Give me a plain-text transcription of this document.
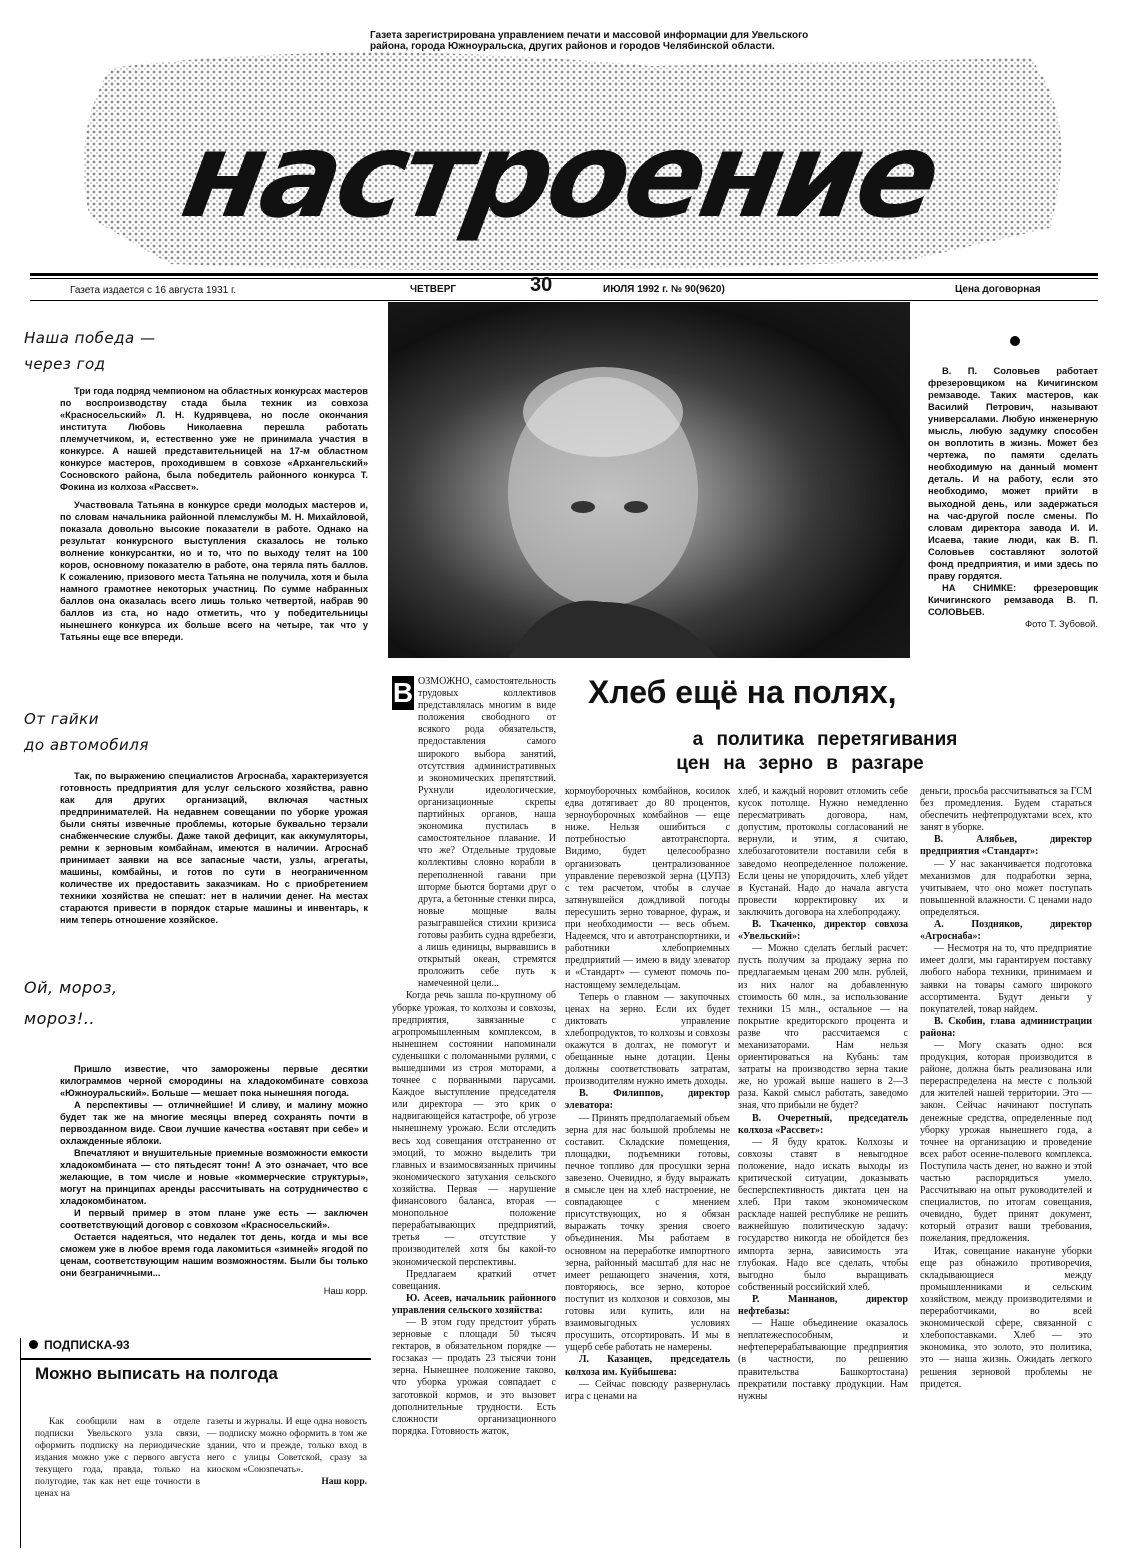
Газета зарегистрирована управлением печати и массовой информации для Увельского района, города Южноуральска, других районов и городов Челябинской области.
настроение
Газета издается с 16 августа 1931 г.	ЧЕТВЕРГ	30	ИЮЛЯ 1992 г. № 90(9620)	Цена договорная
Наша победа —
через год

Три года подряд чемпионом на областных конкурсах мастеров по воспроизводству стада была техник из совхоза «Красносельский» Л. Н. Кудрявцева, но после окончания института Любовь Николаевна перешла работать племучетчиком, и, естественно уже не принимала участия в конкурсе. А нашей представительницей на 17-м областном конкурсе мастеров, проходившем в совхозе «Архангельский» Сосновского района, была победитель районного конкурса Т. Фокина из колхоза «Рассвет».

Участвовала Татьяна в конкурсе среди молодых мастеров и, по словам начальника районной племслужбы М. Н. Михайловой, показала довольно высокие показатели в работе. Однако на результат конкурсного выступления сказалось не только волнение конкурсантки, но и то, что по выходу телят на 100 коров, основному показателю в работе, она теряла пять баллов. К сожалению, призового места Татьяна не получила, хотя и была намного грамотнее некоторых участниц. По сумме набранных баллов она оказалась всего лишь только четвертой, набрав 90 баллов из ста, но надо отметить, что у победительницы нынешнего конкурса их больше всего на четыре, так что у Татьяны еще все впереди.

От гайки
до автомобиля

Так, по выражению специалистов Агроснаба, характеризуется готовность предприятия для услуг сельского хозяйства, равно как для других организаций, включая частных предпринимателей. На недавнем совещании по уборке урожая были сняты извечные проблемы, которые буквально терзали снабженческие службы. Даже такой дефицит, как аккумуляторы, ремни к зерновым комбайнам, имеются в наличии. Агроснаб принимает заявки на все запасные части, узлы, агрегаты, машины, комбайны, и готов по сути в неограниченном количестве их предоставить заказчикам. Но с приобретением техники хозяйства не спешат: нет в наличии денег. На местах стараются привести в порядок старые машины и инвентарь, к ним теперь отношение хозяйское.

Ой, мороз,
мороз!..

Пришло известие, что заморожены первые десятки килограммов черной смородины на хладокомбинате совхоза «Южноуральский». Больше — мешает пока нынешняя погода.

А перспективы — отличнейшие! И сливу, и малину можно будет так же на многие месяцы вперед сохранять почти в первозданном виде. Свои лучшие качества «оставят при себе» и охлажденные яблоки.

Впечатляют и внушительные приемные возможности емкости хладокомбината — сто пятьдесят тонн! А это означает, что все желающие, в том числе и новые «коммерческие структуры», могут на принципах аренды рассчитывать на сотрудничество с хладокомбинатом.

И первый пример в этом плане уже есть — заключен соответствующий договор с совхозом «Красносельский».

Остается надеяться, что недалек тот день, когда и мы все сможем уже в любое время года лакомиться «зимней» ягодой по ценам, соответствующим нашим возможностям. Были бы только они безграничными...

Наш корр.
ПОДПИСКА-93
Можно выписать на полгода

Как сообщили нам в отделе подписки Увельского узла связи, оформить подписку на периодические издания можно уже с первого августа текущего года, правда, только на полугодие, так как нет еще точности в ценах на

газеты и журналы. И еще одна новость — подписку можно оформить в том же здании, что и прежде, только вход в него с улицы Советской, сразу за киоском «Союзпечать».

Наш корр.

В. П. Соловьев работает фрезеровщиком на Кичигинском ремзаводе. Таких мастеров, как Василий Петрович, называют универсалами. Любую инженерную мысль, любую задумку способен он воплотить в жизнь. Может без чертежа, по памяти сделать необходимую на данный момент деталь. И на работу, если это необходимо, может прийти в выходной день, или задержаться на час-другой после смены. По словам директора завода И. И. Исаева, такие люди, как В. П. Соловьев составляют золотой фонд предприятия, и ими здесь по праву гордятся.

НА СНИМКЕ: фрезеровщик Кичигинского ремзавода В. П. СОЛОВЬЕВ.

Фото Т. Зубовой.
Хлеб ещё на полях,
а политика перетягивания
цен на зерно в разгаре
В ОЗМОЖНО, самостоятельность трудовых коллективов представлялась многим в виде положения свободного от всякого рода обязательств, предоставления самого широкого выбора занятий, отсутствия административных и экономических препятствий. Рухнули идеологические, организационные скрепы партийных органов, наша экономика пустилась в самостоятельное плавание. И что же? Отдельные трудовые коллективы словно корабли в переполненной гавани при шторме бьются бортами друг о друга, а бетонные стенки пирса, новые мощные валы разыгравшейся стихии кризиса готовы разбить судна вдребезги, а лишь единицы, вырвавшись в открытый океан, стремятся проложить себе путь к намеченной цели...

Когда речь зашла по-крупному об уборке урожая, то колхозы и совхозы, предприятия, завязанные с агропромышленным комплексом, в нынешнем состоянии напоминали суденышки с поломанными рулями, с вышедшими из строя моторами, а точнее с порванными парусами. Каждое выступление председателя или директора — это крик о надвигающейся катастрофе, об угрозе нынешнему урожаю. Если отследить весь ход совещания отстраненно от эмоций, то можно выделить три главных и взаимосвязанных причины экономического затухания сельского хозяйства. Первая — нарушение финансового баланса, вторая — монопольное положение перерабатывающих предприятий, третья — отсутствие у производителей хотя бы какой-то экономической перспективы.

Предлагаем краткий отчет совещания.

Ю. Асеев, начальник районного управления сельского хозяйства:

— В этом году предстоит убрать зерновые с площади 50 тысяч гектаров, в обязательном порядке — госзаказ — продать 23 тысячи тонн зерна. Нынешнее положение таково, что уборка урожая совпадает с заготовкой кормов, и это вызовет дополнительные трудности. Есть сложности организационного порядка. Готовность жаток,

кормоуборочных комбайнов, косилок едва дотягивает до 80 процентов, зерноуборочных комбайнов — еще ниже. Нельзя ошибиться с потребностью автотранспорта. Видимо, будет целесообразно организовать централизованное управление перевозкой зерна (ЦУПЗ) с тем расчетом, чтобы в случае затянувшейся дождливой погоды пересушить зерно товарное, фураж, и при необходимости — весь объем. Надеемся, что и автотранспортники, и работники хлебоприемных предприятий — имею в виду элеватор и «Стандарт» — сумеют помочь по-настоящему земледельцам.

Теперь о главном — закупочных ценах на зерно. Если их будет диктовать управление хлебопродуктов, то колхозы и совхозы окажутся в долгах, не помогут и обещанные ныне дотации. Цены должны соответствовать затратам, производителям нужно иметь доходы.

В. Филиппов, директор элеватора:

— Принять предполагаемый объем зерна для нас большой проблемы не составит. Складские помещения, площадки, подъемники готовы, печное топливо для просушки зерна завезено. Очевидно, я буду выражать в смысле цен на хлеб настроение, не совпадающее с мнением присутствующих, но я обязан выражать точку зрения своего объединения. Мы работаем в основном на переработке импортного зерна, районный масштаб для нас не имеет решающего значения, хотя, повторяюсь, все зерно, которое поступит из колхозов и совхозов, мы готовы или купить, или на взаимовыгодных условиях просушить, отсортировать. И мы в ущерб себе работать не намерены.

Л. Казанцев, председатель колхоза им. Куйбышева:

— Сейчас повсюду развернулась игра с ценами на

хлеб, и каждый норовит отломить себе кусок потолще. Нужно немедленно пересматривать договора, нам, допустим, протоколы согласований не вернули, и этим, я считаю, хлебозаготовители поставили себя в заведомо неопределенное положение. Если цены не упорядочить, хлеб уйдет в Кустанай. Надо до начала августа провести корректировку их и заключить договора на хлебопродажу.

В. Ткаченко, директор совхоза «Увельский»:

— Можно сделать беглый расчет: пусть получим за продажу зерна по предлагаемым ценам 200 млн. рублей, из них налог на добавленную стоимость 60 млн., за использование техники 15 млн., остальное — на покрытие кредиторского процента и разве что рассчитаемся с механизаторами. Нам нельзя ориентироваться на Кубань: там затраты на производство зерна такие же, но урожай выше нашего в 2—3 раза. Какой смысл работать, заведомо зная, что прибыли не будет?

В. Очеретный, председатель колхоза «Рассвет»:

— Я буду краток. Колхозы и совхозы ставят в невыгодное положение, надо искать выходы из критической ситуации, доказывать бесперспективность диктата цен на хлеб. При таком экономическом раскладе нашей республике не решить важнейшую политическую задачу: государство никогда не обойдется без импорта зерна, зависимость эта глубокая. Надо все сделать, чтобы выгодно было выращивать собственный российский хлеб.

Р. Маннанов, директор нефтебазы:

— Наше объединение оказалось неплатежеспособным, и нефтеперерабатывающие предприятия (в частности, по решению правительства Башкортостана) прекратили поставку продукции. Нам нужны

деньги, просьба рассчитываться за ГСМ без промедления. Будем стараться обеспечить нефтепродуктами всех, кто занят в уборке.

В. Алябьев, директор предприятия «Стандарт»:

— У нас заканчивается подготовка механизмов для подработки зерна, учитываем, что оно может поступать повышенной влажности. С ценами надо определяться.

А. Поздняков, директор «Агроснаба»:

— Несмотря на то, что предприятие имеет долги, мы гарантируем поставку любого набора техники, принимаем и заявки на товары самого широкого ассортимента. Будут деньги у покупателей, товар найдем.

В. Скобин, глава администрации района:

— Могу сказать одно: вся продукция, которая производится в районе, должна быть реализована или перераспределена на месте с пользой для жителей нашей территории. Это — закон. Сейчас начинают поступать денежные средства, определенные под уборку урожая нынешнего года, а точнее на организацию и проведение всех работ осенне-полевого комплекса. Поступила часть денег, но важно и этой частью распорядиться умело. Рассчитываю на опыт руководителей и специалистов, по итогам совещания, очевидно, будет принят документ, который отразит ваши требования, пожелания, предложения.

Итак, совещание накануне уборки еще раз обнажило противоречия, складывающиеся между промышленниками и сельским хозяйством, между производителями и переработчиками, во всей экономической сфере, связанной с хлебопоставками. Хлеб — это экономика, это золото, это политика, это — наша жизнь. Ожидать легкого решения зерновой проблемы не придется.
